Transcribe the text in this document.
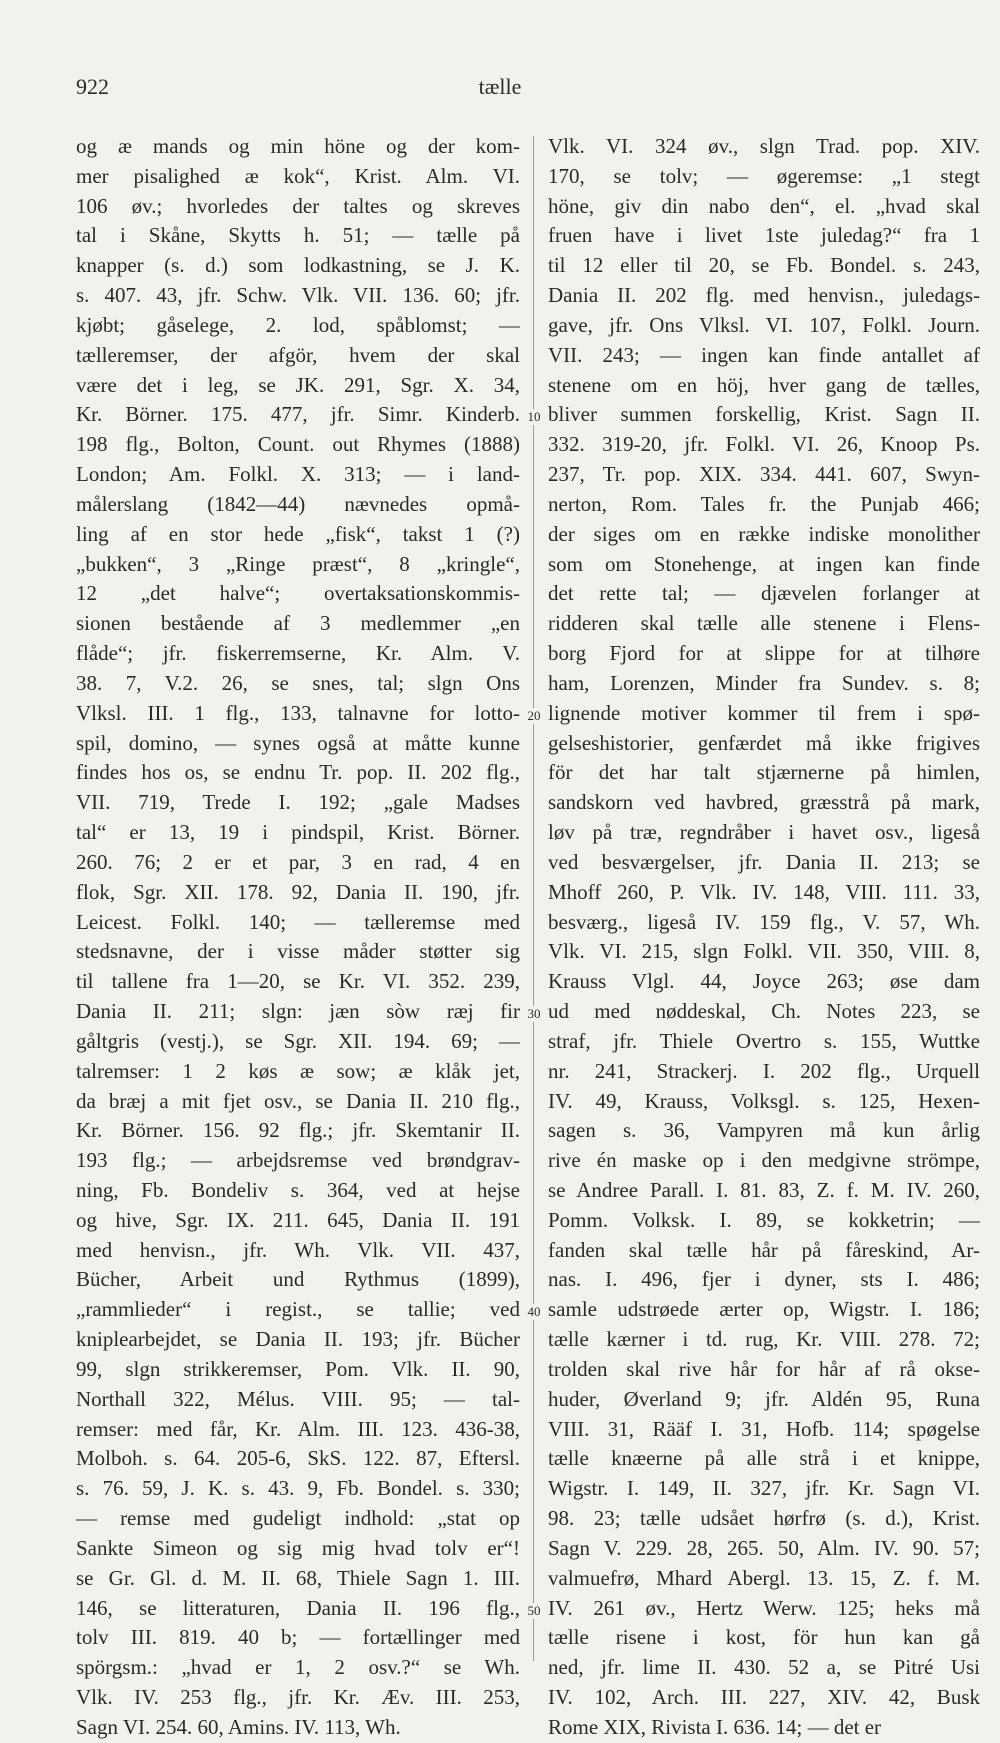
922	tælle
og æ mands og min höne og der kom-
mer pisalighed æ kok“, Krist. Alm. VI.
106 øv.; hvorledes der taltes og skreves
tal i Skåne, Skytts h. 51; — tælle på
knapper (s. d.) som lodkastning, se J. K.
s. 407. 43, jfr. Schw. Vlk. VII. 136. 60; jfr.
kjøbt; gåselege, 2. lod, spåblomst; —
tælleremser, der afgör, hvem der skal
være det i leg, se JK. 291, Sgr. X. 34,
Kr. Börner. 175. 477, jfr. Simr. Kinderb.
198 flg., Bolton, Count. out Rhymes (1888)
London; Am. Folkl. X. 313; — i land-
målerslang (1842—44) nævnedes opmå-
ling af en stor hede „fisk“, takst 1 (?)
„bukken“, 3 „Ringe præst“, 8 „kringle“,
12 „det halve“; overtaksationskommis-
sionen bestående af 3 medlemmer „en
flåde“; jfr. fiskerremserne, Kr. Alm. V.
38. 7, V.2. 26, se snes, tal; slgn Ons
Vlksl. III. 1 flg., 133, talnavne for lotto-
spil, domino, — synes også at måtte kunne
findes hos os, se endnu Tr. pop. II. 202 flg.,
VII. 719, Trede I. 192; „gale Madses
tal“ er 13, 19 i pindspil, Krist. Börner.
260. 76; 2 er et par, 3 en rad, 4 en
flok, Sgr. XII. 178. 92, Dania II. 190, jfr.
Leicest. Folkl. 140; — tælleremse med
stedsnavne, der i visse måder støtter sig
til tallene fra 1—20, se Kr. VI. 352. 239,
Dania II. 211; slgn: jæn sòw ræj fir
gåltgris (vestj.), se Sgr. XII. 194. 69; —
talremser: 1 2 køs æ sow; æ klåk jet,
da bræj a mit fjet osv., se Dania II. 210 flg.,
Kr. Börner. 156. 92 flg.; jfr. Skemtanir II.
193 flg.; — arbejdsremse ved brøndgrav-
ning, Fb. Bondeliv s. 364, ved at hejse
og hive, Sgr. IX. 211. 645, Dania II. 191
med henvisn., jfr. Wh. Vlk. VII. 437,
Bücher, Arbeit und Rythmus (1899),
„rammlieder“ i regist., se tallie; ved
kniplearbejdet, se Dania II. 193; jfr. Bücher
99, slgn strikkeremser, Pom. Vlk. II. 90,
Northall 322, Mélus. VIII. 95; — tal-
remser: med får, Kr. Alm. III. 123. 436-38,
Molboh. s. 64. 205-6, SkS. 122. 87, Eftersl.
s. 76. 59, J. K. s. 43. 9, Fb. Bondel. s. 330;
— remse med gudeligt indhold: „stat op
Sankte Simeon og sig mig hvad tolv er“!
se Gr. Gl. d. M. II. 68, Thiele Sagn 1. III.
146, se litteraturen, Dania II. 196 flg.,
tolv III. 819. 40 b; — fortællinger med
spörgsm.: „hvad er 1, 2 osv.?“ se Wh.
Vlk. IV. 253 flg., jfr. Kr. Æv. III. 253,
Sagn VI. 254. 60, Amins. IV. 113, Wh.
Vlk. VI. 324 øv., slgn Trad. pop. XIV.
170, se tolv; — øgeremse: „1 stegt
höne, giv din nabo den“, el. „hvad skal
fruen have i livet 1ste juledag?“ fra 1
til 12 eller til 20, se Fb. Bondel. s. 243,
Dania II. 202 flg. med henvisn., juledags-
gave, jfr. Ons Vlksl. VI. 107, Folkl. Journ.
VII. 243; — ingen kan finde antallet af
stenene om en höj, hver gang de tælles,
bliver summen forskellig, Krist. Sagn II.
332. 319-20, jfr. Folkl. VI. 26, Knoop Ps.
237, Tr. pop. XIX. 334. 441. 607, Swyn-
nerton, Rom. Tales fr. the Punjab 466;
der siges om en række indiske monolither
som om Stonehenge, at ingen kan finde
det rette tal; — djævelen forlanger at
ridderen skal tælle alle stenene i Flens-
borg Fjord for at slippe for at tilhøre
ham, Lorenzen, Minder fra Sundev. s. 8;
lignende motiver kommer til frem i spø-
gelseshistorier, genfærdet må ikke frigives
för det har talt stjærnerne på himlen,
sandskorn ved havbred, græsstrå på mark,
løv på træ, regndråber i havet osv., ligeså
ved besværgelser, jfr. Dania II. 213; se
Mhoff 260, P. Vlk. IV. 148, VIII. 111. 33,
besværg., ligeså IV. 159 flg., V. 57, Wh.
Vlk. VI. 215, slgn Folkl. VII. 350, VIII. 8,
Krauss Vlgl. 44, Joyce 263; øse dam
ud med nøddeskal, Ch. Notes 223, se
straf, jfr. Thiele Overtro s. 155, Wuttke
nr. 241, Strackerj. I. 202 flg., Urquell
IV. 49, Krauss, Volksgl. s. 125, Hexen-
sagen s. 36, Vampyren må kun årlig
rive én maske op i den medgivne strömpe,
se Andree Parall. I. 81. 83, Z. f. M. IV. 260,
Pomm. Volksk. I. 89, se kokketrin; —
fanden skal tælle hår på fåreskind, Ar-
nas. I. 496, fjer i dyner, sts I. 486;
samle udstrøede ærter op, Wigstr. I. 186;
tælle kærner i td. rug, Kr. VIII. 278. 72;
trolden skal rive hår for hår af rå okse-
huder, Øverland 9; jfr. Aldén 95, Runa
VIII. 31, Rääf I. 31, Hofb. 114; spøgelse
tælle knæerne på alle strå i et knippe,
Wigstr. I. 149, II. 327, jfr. Kr. Sagn VI.
98. 23; tælle udsået hørfrø (s. d.), Krist.
Sagn V. 229. 28, 265. 50, Alm. IV. 90. 57;
valmuefrø, Mhard Abergl. 13. 15, Z. f. M.
IV. 261 øv., Hertz Werw. 125; heks må
tælle risene i kost, för hun kan gå
ned, jfr. lime II. 430. 52 a, se Pitré Usi
IV. 102, Arch. III. 227, XIV. 42, Busk
Rome XIX, Rivista I. 636. 14; — det er
10
20
30
40
50
